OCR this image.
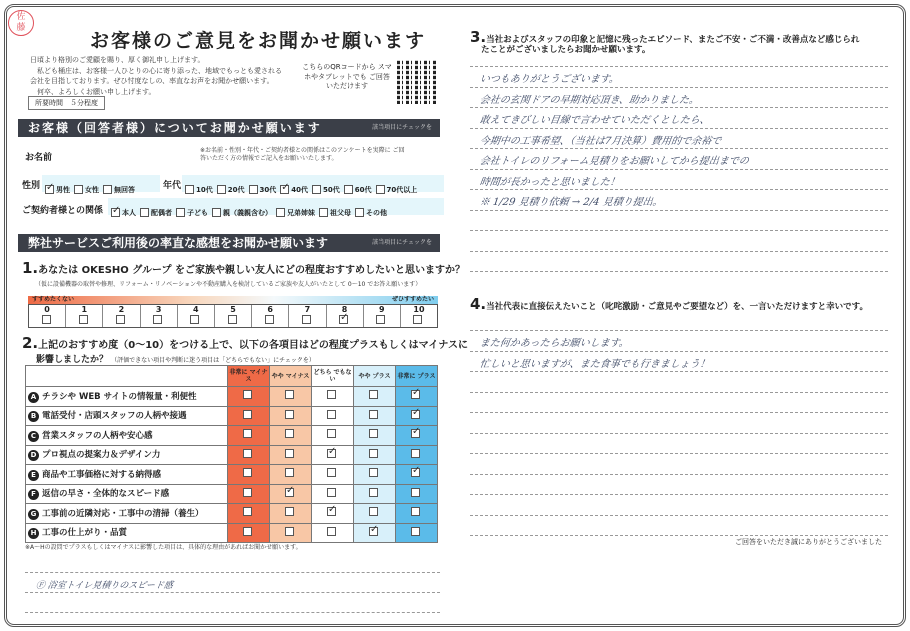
佐
藤
お客様のご意見をお聞かせ願います
日頃より格別のご愛顧を賜り、厚く御礼申し上げます。
　私ども桶庄は、お客様一人ひとりの心に寄り添った、地域でもっとも愛される
会社を目指しております。ぜひ忖度なしの、率直なお声をお聞かせ願います。
　何卒、よろしくお願い申し上げます。
所要時間　５分程度
こちらのQRコードから スマホやタブレットでも ご回答いただけます
お客様（回答者様）についてお聞かせ願います	該当項目にチェックを
お名前
※お名前・性別・年代・ご契約者様との関係はこのアンケートを実際に ご回答いただく方の情報でご記入をお願いいたします。
性別 ✓ 男性 女性 無回答	年代 10代 20代 30代 ✓ 40代 50代 60代 70代以上
ご契約者様との関係 ✓	本人 配偶者 子ども 親（義親含む） 兄弟姉妹 祖父母 その他
弊社サービスご利用後の率直な感想をお聞かせ願います	該当項目にチェックを
1.あなたは OKESHO グループ をご家族や親しい友人にどの程度おすすめしたいと思いますか？
（仮に設備機器の取替や修理、リフォーム・リノベーションや不動産購入を検討しているご家族や友人がいたとして 0〜10 でお答え願います）
すすめたくない	ぜひすすめたい
0	1	2	3	4	5	6	7	8
✓	9	10
2.上記のおすすめ度（0〜10）をつける上で、以下の各項目はどの程度プラスもしくはマイナスに
影響しましたか？ （評価できない項目や判断に迷う項目は「どちらでもない」にチェックを）
	非常に マイナス	やや マイナス	どちら でもない	やや プラス	非常に プラス
A チラシや WEB サイトの情報量・利便性					✓
B 電話受付・店頭スタッフの人柄や接遇					✓
C 営業スタッフの人柄や安心感					✓
D プロ視点の提案力＆デザイン力			✓		
E 商品や工事価格に対する納得感					✓
F 返信の早さ・全体的なスピード感		✓			
G 工事前の近隣対応・工事中の清掃（養生）			✓		
H 工事の仕上がり・品質				✓	
※A〜Hの設問でプラスもしくはマイナスに影響した項目は、具体的な理由があればお聞かせ願います。
Ⓕ 浴室トイレ見積りのスピード感
3.当社およびスタッフの印象と記憶に残ったエピソード、またご不安・ご不満・改善点など感じられ
たことがございましたらお聞かせ願います。
いつもありがとうございます。
会社の玄関ドアの早期対応頂き、助かりました。
敢えてきびしい目線で言わせていただくとしたら、
今期中の工事希望、（当社は7月決算）費用的で余裕で
会社トイレのリフォーム見積りをお願いしてから提出までの
時間が長かったと思いました！
※ 1/29 見積り依頼 → 2/4 見積り提出。
4.当社代表に直接伝えたいこと（叱咤激励・ご意見やご要望など）を、一言いただけますと幸いです。
また何かあったらお願いします。
忙しいと思いますが、また食事でも行きましょう！
ご回答をいただき誠にありがとうございました
